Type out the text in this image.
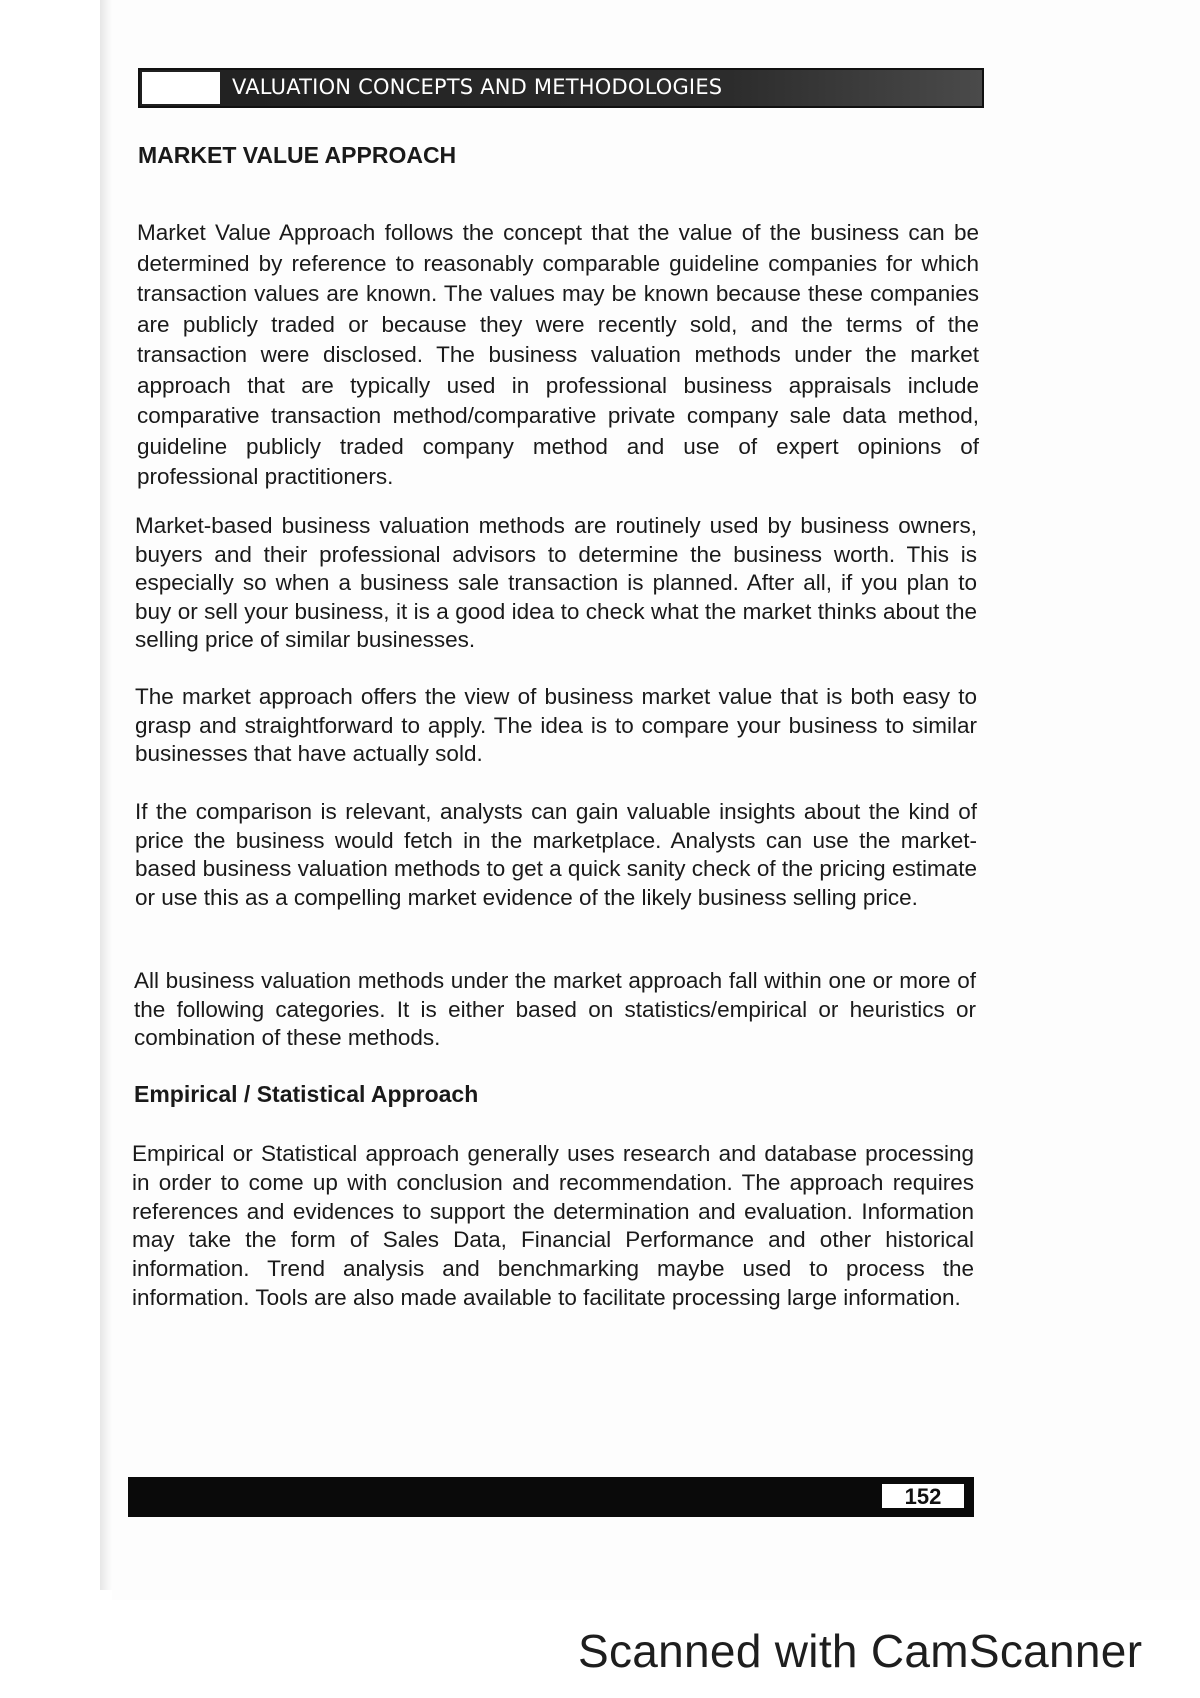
VALUATION CONCEPTS AND METHODOLOGIES
MARKET VALUE APPROACH

Market Value Approach follows the concept that the value of the business can be determined by reference to reasonably comparable guideline companies for which transaction values are known. The values may be known because these companies are publicly traded or because they were recently sold, and the terms of the transaction were disclosed. The business valuation methods under the market approach that are typically used in professional business appraisals include comparative transaction method/comparative private company sale data method, guideline publicly traded company method and use of expert opinions of professional practitioners.

Market-based business valuation methods are routinely used by business owners, buyers and their professional advisors to determine the business worth. This is especially so when a business sale transaction is planned. After all, if you plan to buy or sell your business, it is a good idea to check what the market thinks about the selling price of similar businesses.

The market approach offers the view of business market value that is both easy to grasp and straightforward to apply. The idea is to compare your business to similar businesses that have actually sold.

If the comparison is relevant, analysts can gain valuable insights about the kind of price the business would fetch in the marketplace. Analysts can use the market-based business valuation methods to get a quick sanity check of the pricing estimate or use this as a compelling market evidence of the likely business selling price.

All business valuation methods under the market approach fall within one or more of the following categories. It is either based on statistics/empirical or heuristics or combination of these methods.

Empirical / Statistical Approach

Empirical or Statistical approach generally uses research and database processing in order to come up with conclusion and recommendation. The approach requires references and evidences to support the determination and evaluation. Information may take the form of Sales Data, Financial Performance and other historical information. Trend analysis and benchmarking maybe used to process the information. Tools are also made available to facilitate processing large information.

152
Scanned with CamScanner
